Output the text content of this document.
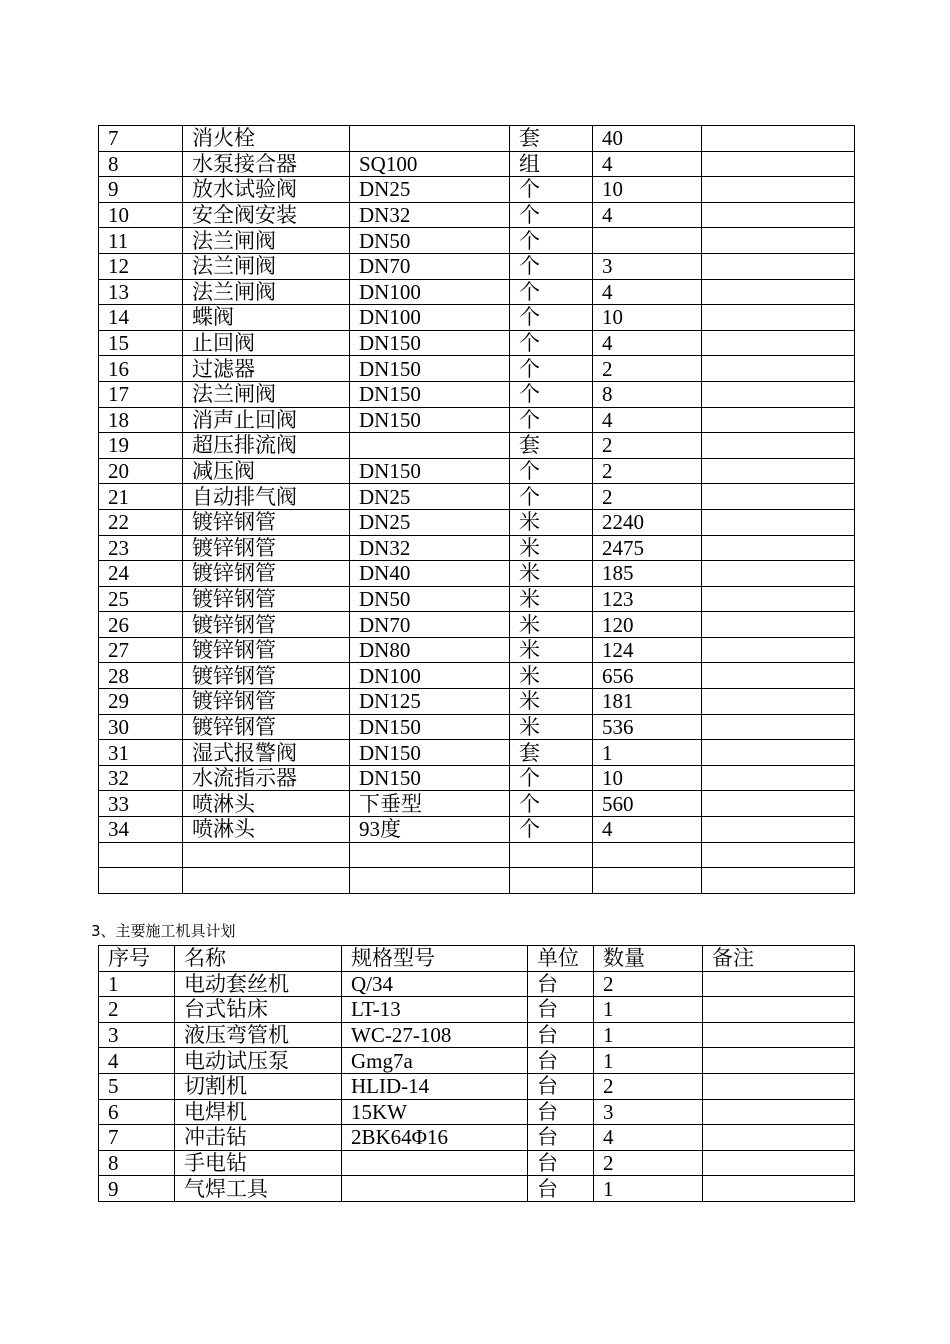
7	消火栓		套	40	
8	水泵接合器	SQ100	组	4	
9	放水试验阀	DN25	个	10	
10	安全阀安装	DN32	个	4	
11	法兰闸阀	DN50	个		
12	法兰闸阀	DN70	个	3	
13	法兰闸阀	DN100	个	4	
14	蝶阀	DN100	个	10	
15	止回阀	DN150	个	4	
16	过滤器	DN150	个	2	
17	法兰闸阀	DN150	个	8	
18	消声止回阀	DN150	个	4	
19	超压排流阀		套	2	
20	减压阀	DN150	个	2	
21	自动排气阀	DN25	个	2	
22	镀锌钢管	DN25	米	2240	
23	镀锌钢管	DN32	米	2475	
24	镀锌钢管	DN40	米	185	
25	镀锌钢管	DN50	米	123	
26	镀锌钢管	DN70	米	120	
27	镀锌钢管	DN80	米	124	
28	镀锌钢管	DN100	米	656	
29	镀锌钢管	DN125	米	181	
30	镀锌钢管	DN150	米	536	
31	湿式报警阀	DN150	套	1	
32	水流指示器	DN150	个	10	
33	喷淋头	下垂型	个	560	
34	喷淋头	93度	个	4	

3、主要施工机具计划
序号	名称	规格型号	单位	数量	备注
1	电动套丝机	Q/34	台	2	
2	台式钻床	LT-13	台	1	
3	液压弯管机	WC-27-108	台	1	
4	电动试压泵	Gmg7a	台	1	
5	切割机	HLID-14	台	2	
6	电焊机	15KW	台	3	
7	冲击钻	2BK64Φ16	台	4	
8	手电钻		台	2	
9	气焊工具		台	1	
